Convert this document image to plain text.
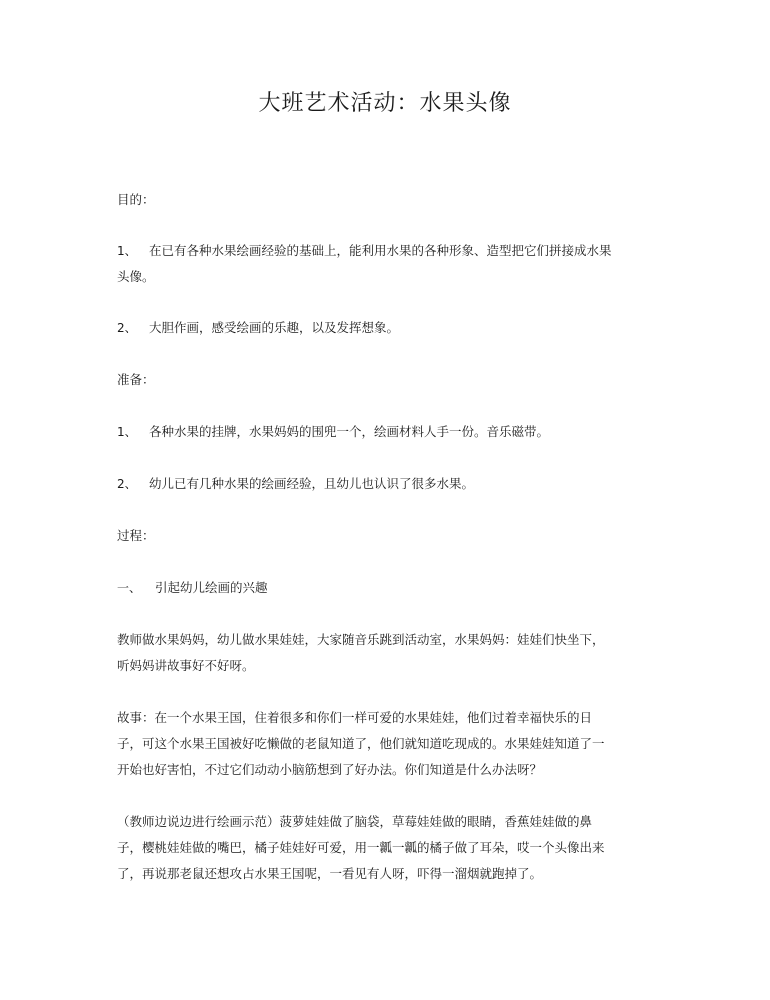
大班艺术活动：水果头像

目的：

1、 在已有各种水果绘画经验的基础上，能利用水果的各种形象、造型把它们拼接成水果
头像。

2、 大胆作画，感受绘画的乐趣，以及发挥想象。

准备：

1、 各种水果的挂牌，水果妈妈的围兜一个，绘画材料人手一份。音乐磁带。

2、 幼儿已有几种水果的绘画经验，且幼儿也认识了很多水果。

过程：

一、 引起幼儿绘画的兴趣

教师做水果妈妈，幼儿做水果娃娃，大家随音乐跳到活动室，水果妈妈：娃娃们快坐下，
听妈妈讲故事好不好呀。

故事：在一个水果王国，住着很多和你们一样可爱的水果娃娃，他们过着幸福快乐的日
子，可这个水果王国被好吃懒做的老鼠知道了，他们就知道吃现成的。水果娃娃知道了一
开始也好害怕，不过它们动动小脑筋想到了好办法。你们知道是什么办法呀？

（教师边说边进行绘画示范）菠萝娃娃做了脑袋，草莓娃娃做的眼睛，香蕉娃娃做的鼻
子，樱桃娃娃做的嘴巴，橘子娃娃好可爱，用一瓤一瓤的橘子做了耳朵，哎一个头像出来
了，再说那老鼠还想攻占水果王国呢，一看见有人呀，吓得一溜烟就跑掉了。
